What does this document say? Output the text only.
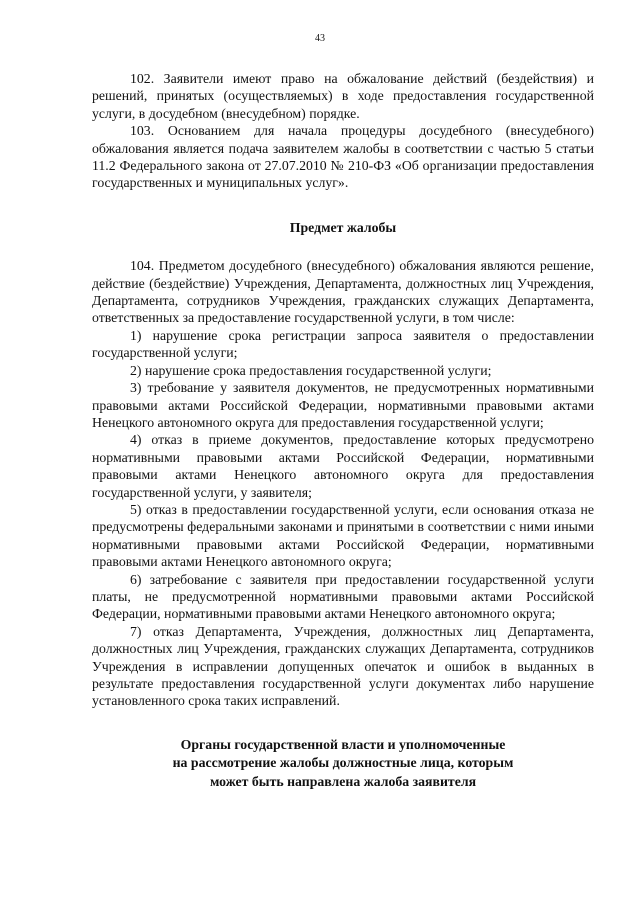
43

102. Заявители имеют право на обжалование действий (бездействия) и решений, принятых (осуществляемых) в ходе предоставления государственной услуги, в досудебном (внесудебном) порядке.

103. Основанием для начала процедуры досудебного (внесудебного) обжалования является подача заявителем жалобы в соответствии с частью 5 статьи 11.2 Федерального закона от 27.07.2010 № 210-ФЗ «Об организации предоставления государственных и муниципальных услуг».

Предмет жалобы

104. Предметом досудебного (внесудебного) обжалования являются решение, действие (бездействие) Учреждения, Департамента, должностных лиц Учреждения, Департамента, сотрудников Учреждения, гражданских служащих Департамента, ответственных за предоставление государственной услуги, в том числе:

1) нарушение срока регистрации запроса заявителя о предоставлении государственной услуги;

2) нарушение срока предоставления государственной услуги;

3) требование у заявителя документов, не предусмотренных нормативными правовыми актами Российской Федерации, нормативными правовыми актами Ненецкого автономного округа для предоставления государственной услуги;

4) отказ в приеме документов, предоставление которых предусмотрено нормативными правовыми актами Российской Федерации, нормативными правовыми актами Ненецкого автономного округа для предоставления государственной услуги, у заявителя;

5) отказ в предоставлении государственной услуги, если основания отказа не предусмотрены федеральными законами и принятыми в соответствии с ними иными нормативными правовыми актами Российской Федерации, нормативными правовыми актами Ненецкого автономного округа;

6) затребование с заявителя при предоставлении государственной услуги платы, не предусмотренной нормативными правовыми актами Российской Федерации, нормативными правовыми актами Ненецкого автономного округа;

7) отказ Департамента, Учреждения, должностных лиц Департамента, должностных лиц Учреждения, гражданских служащих Департамента, сотрудников Учреждения в исправлении допущенных опечаток и ошибок в выданных в результате предоставления государственной услуги документах либо нарушение установленного срока таких исправлений.

Органы государственной власти и уполномоченные
на рассмотрение жалобы должностные лица, которым
может быть направлена жалоба заявителя
